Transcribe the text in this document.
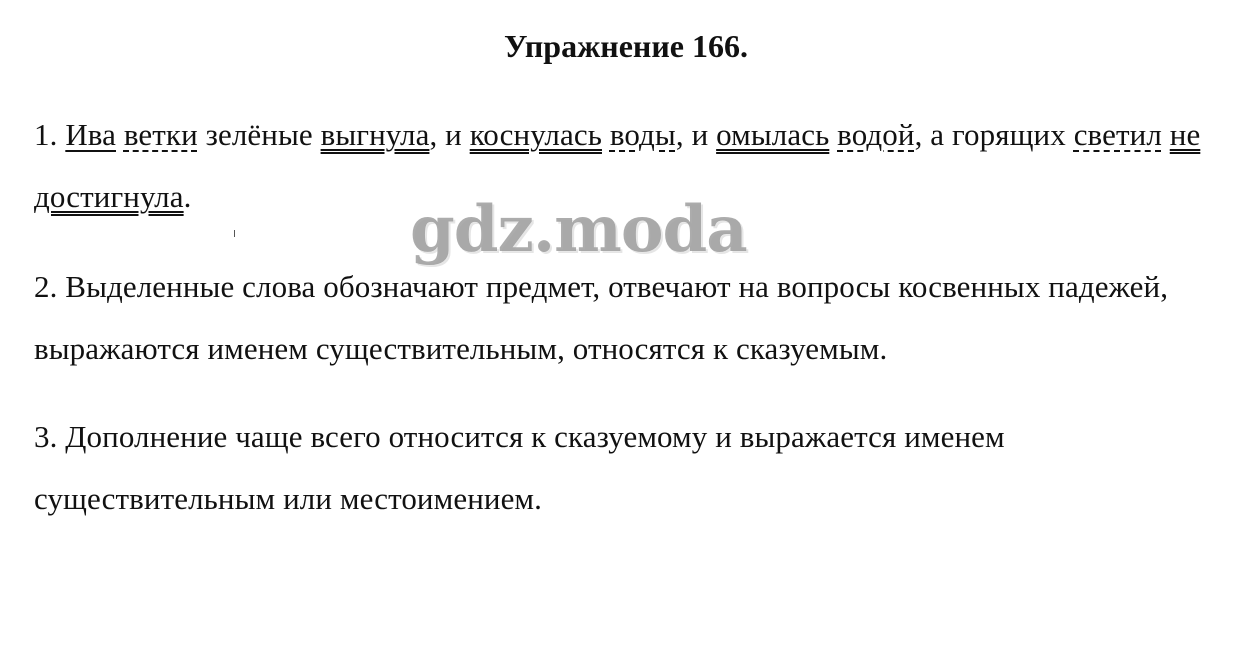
Упражнение 166.
1. Ива ветки зелёные выгнула, и коснулась воды, и омылась водой, а горящих светил не достигнула.
2. Выделенные слова обозначают предмет, отвечают на вопросы косвенных падежей, выражаются именем существительным, относятся к сказуемым.
3. Дополнение чаще всего относится к сказуемому и выражается именем существительным или местоимением.
gdz.moda
